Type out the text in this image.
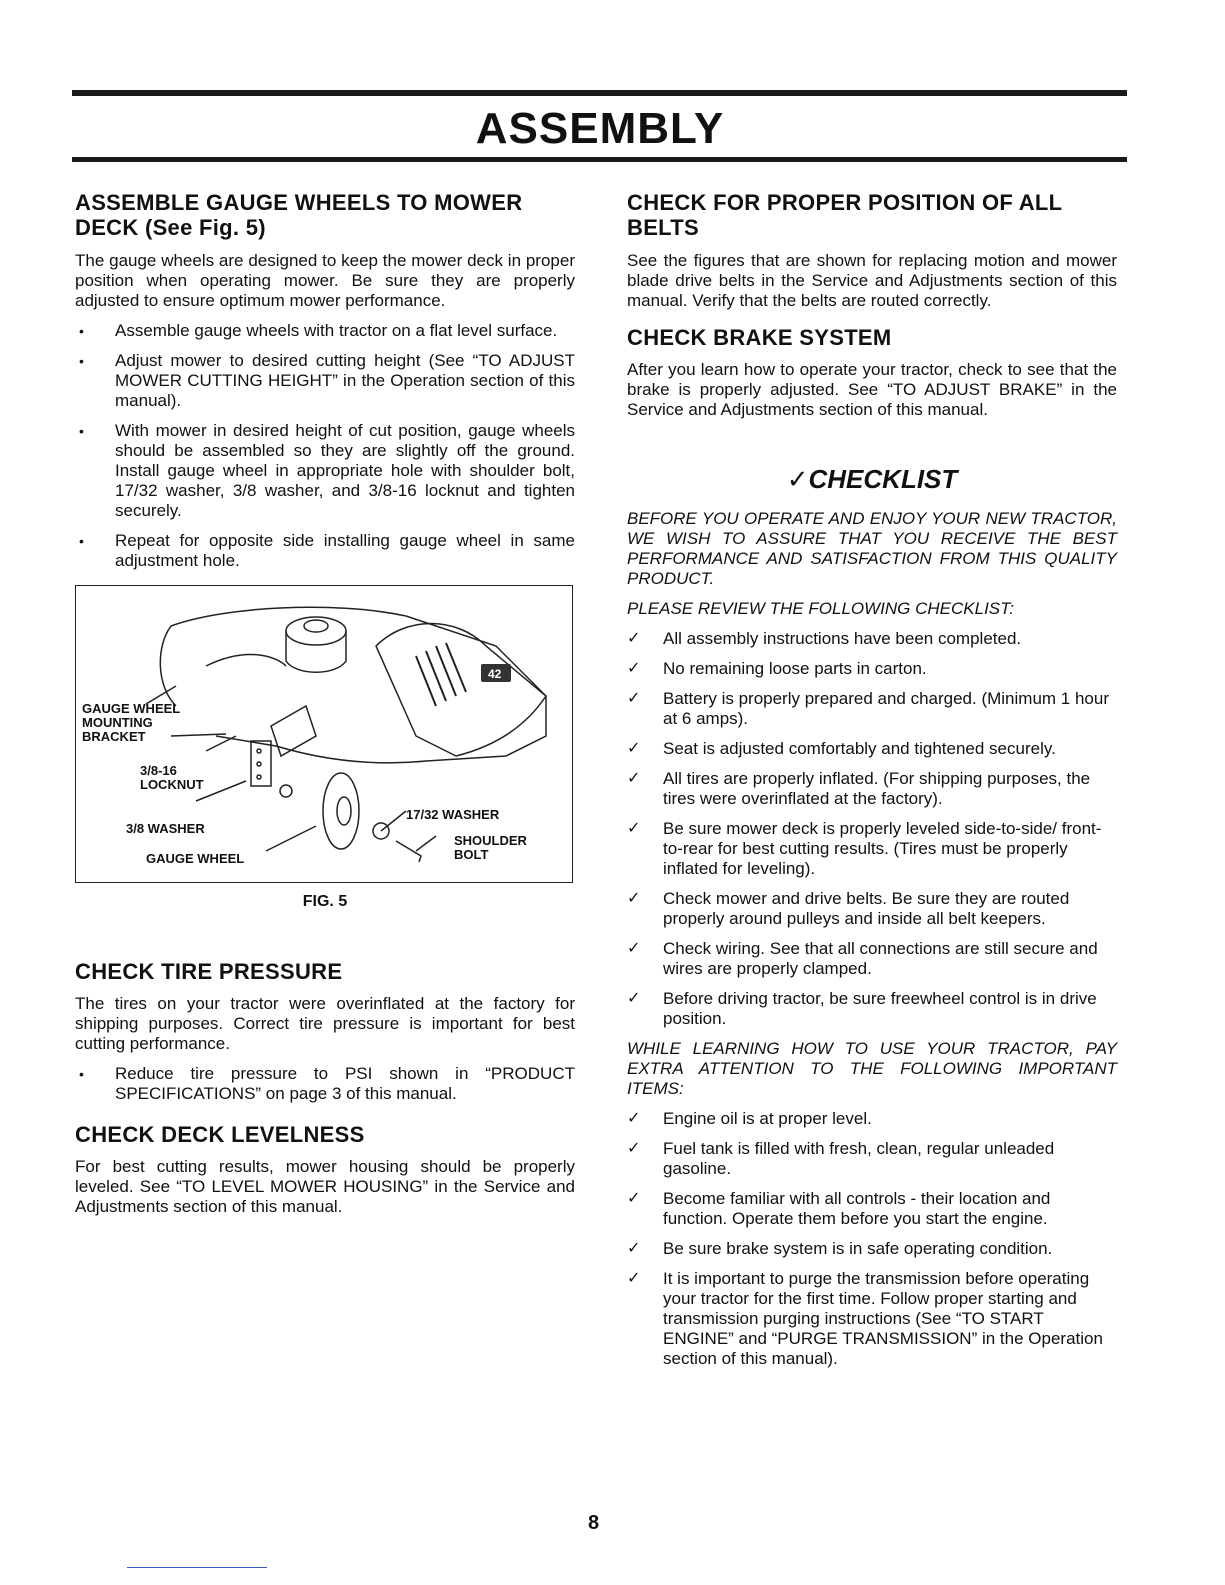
ASSEMBLY
ASSEMBLE GAUGE WHEELS TO MOWER DECK (See Fig. 5)

The gauge wheels are designed to keep the mower deck in proper position when operating mower. Be sure they are properly adjusted to ensure optimum mower performance.

• Assemble gauge wheels with tractor on a flat level surface.
• Adjust mower to desired cutting height (See “TO ADJUST MOWER CUTTING HEIGHT” in the Operation section of this manual).
• With mower in desired height of cut position, gauge wheels should be assembled so they are slightly off the ground. Install gauge wheel in appropriate hole with shoulder bolt, 17/32 washer, 3/8 washer, and 3/8-16 locknut and tighten securely.
• Repeat for opposite side installing gauge wheel in same adjustment hole.
42
GAUGE WHEEL MOUNTING BRACKET
3/8-16 LOCKNUT
3/8 WASHER
GAUGE WHEEL
17/32 WASHER
SHOULDER BOLT
FIG. 5
CHECK TIRE PRESSURE

The tires on your tractor were overinflated at the factory for shipping purposes. Correct tire pressure is important for best cutting performance.

• Reduce tire pressure to PSI shown in “PRODUCT SPECIFICATIONS” on page 3 of this manual.
CHECK DECK LEVELNESS

For best cutting results, mower housing should be properly leveled. See “TO LEVEL MOWER HOUSING” in the Service and Adjustments section of this manual.

CHECK FOR PROPER POSITION OF ALL BELTS

See the figures that are shown for replacing motion and mower blade drive belts in the Service and Adjustments section of this manual. Verify that the belts are routed correctly.

CHECK BRAKE SYSTEM

After you learn how to operate your tractor, check to see that the brake is properly adjusted. See “TO ADJUST BRAKE” in the Service and Adjustments section of this manual.

✓CHECKLIST

BEFORE YOU OPERATE AND ENJOY YOUR NEW TRACTOR, WE WISH TO ASSURE THAT YOU RECEIVE THE BEST PERFORMANCE AND SATISFACTION FROM THIS QUALITY PRODUCT.

PLEASE REVIEW THE FOLLOWING CHECKLIST:

✓ All assembly instructions have been completed.
✓ No remaining loose parts in carton.
✓ Battery is properly prepared and charged. (Minimum 1 hour at 6 amps).
✓ Seat is adjusted comfortably and tightened securely.
✓ All tires are properly inflated. (For shipping purposes, the tires were overinflated at the factory).
✓ Be sure mower deck is properly leveled side-to-side/ front-to-rear for best cutting results. (Tires must be properly inflated for leveling).
✓ Check mower and drive belts. Be sure they are routed properly around pulleys and inside all belt keepers.
✓ Check wiring. See that all connections are still secure and wires are properly clamped.
✓ Before driving tractor, be sure freewheel control is in drive position.

WHILE LEARNING HOW TO USE YOUR TRACTOR, PAY EXTRA ATTENTION TO THE FOLLOWING IMPORTANT ITEMS:

✓ Engine oil is at proper level.
✓ Fuel tank is filled with fresh, clean, regular unleaded gasoline.
✓ Become familiar with all controls - their location and function. Operate them before you start the engine.
✓ Be sure brake system is in safe operating condition.
✓ It is important to purge the transmission before operating your tractor for the first time. Follow proper starting and transmission purging instructions (See “TO START ENGINE” and “PURGE TRANSMISSION” in the Operation section of this manual).
8
